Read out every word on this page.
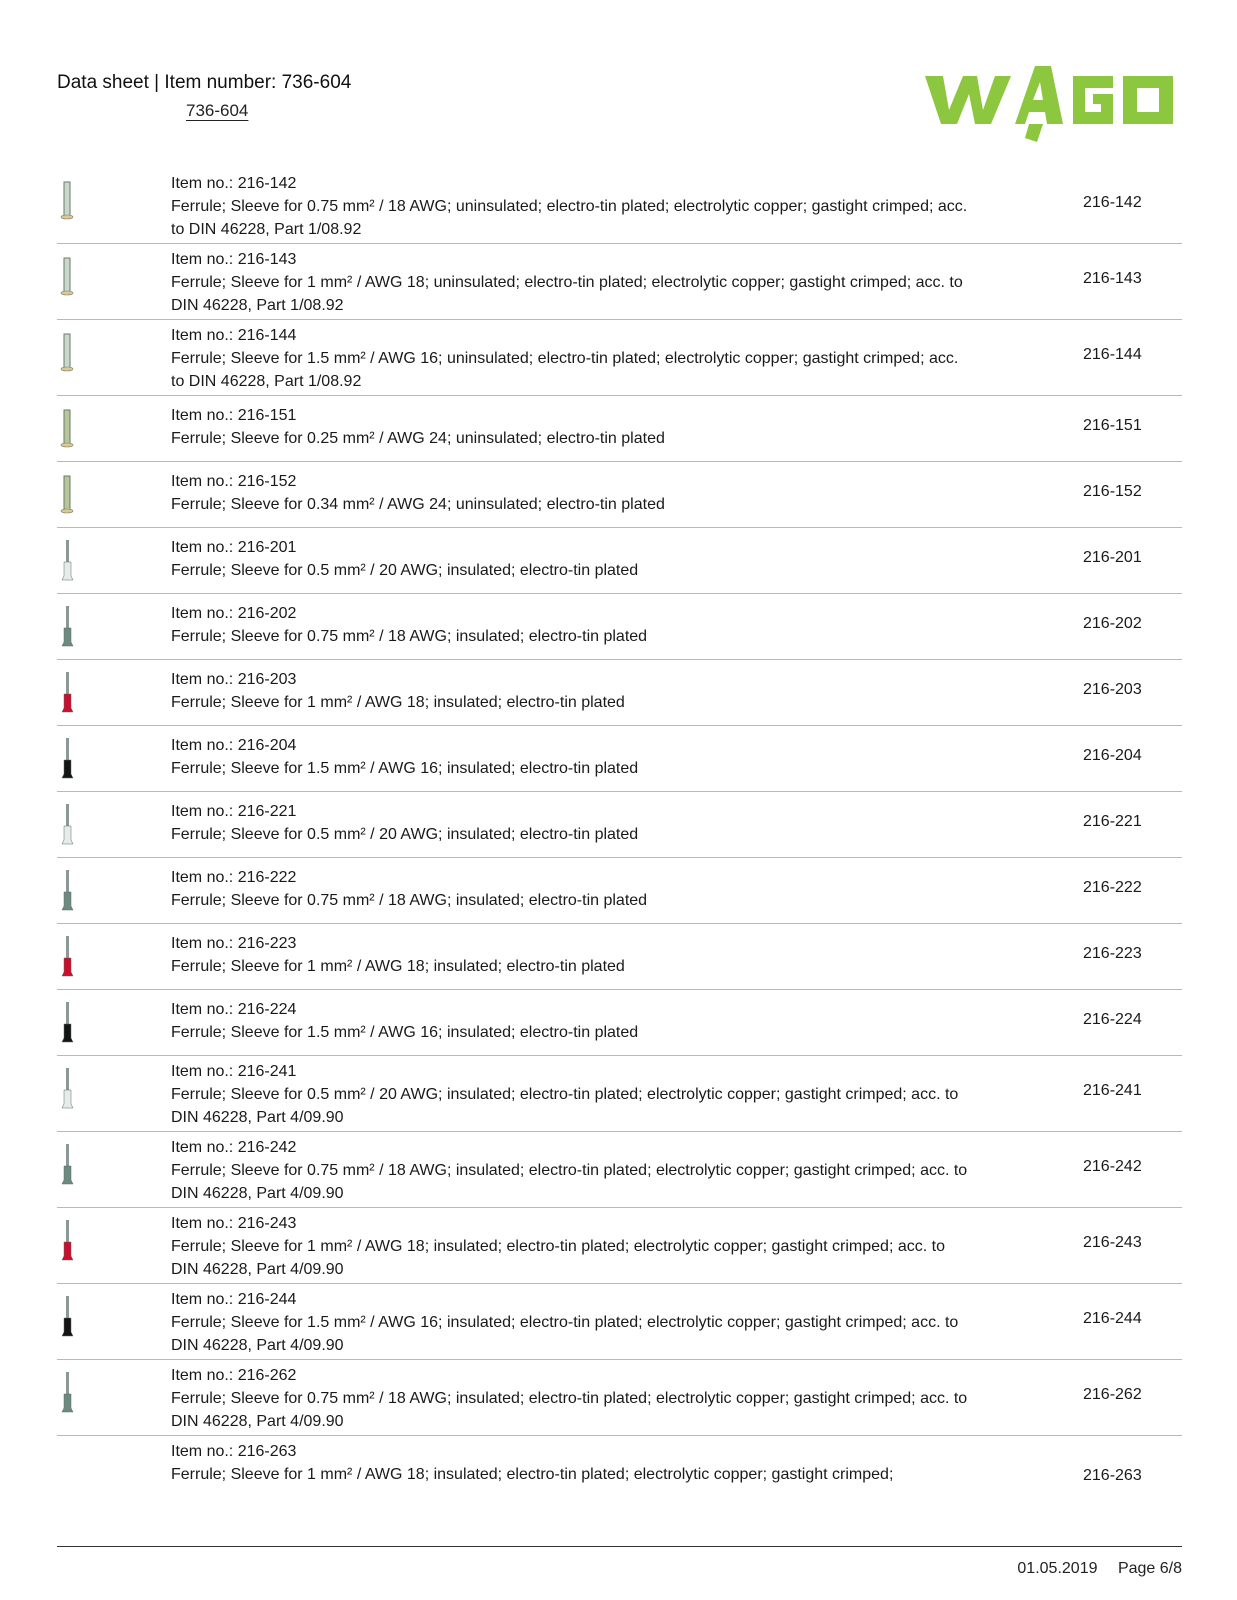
Data sheet | Item number: 736-604
736-604
Item no.: 216-142
Ferrule; Sleeve for 0.75 mm² / 18 AWG; uninsulated; electro-tin plated; electrolytic copper; gastight crimped; acc. to DIN 46228, Part 1/08.92
216-142
Item no.: 216-143
Ferrule; Sleeve for 1 mm² / AWG 18; uninsulated; electro-tin plated; electrolytic copper; gastight crimped; acc. to DIN 46228, Part 1/08.92
216-143
Item no.: 216-144
Ferrule; Sleeve for 1.5 mm² / AWG 16; uninsulated; electro-tin plated; electrolytic copper; gastight crimped; acc. to DIN 46228, Part 1/08.92
216-144
Item no.: 216-151
Ferrule; Sleeve for 0.25 mm² / AWG 24; uninsulated; electro-tin plated
216-151
Item no.: 216-152
Ferrule; Sleeve for 0.34 mm² / AWG 24; uninsulated; electro-tin plated
216-152
Item no.: 216-201
Ferrule; Sleeve for 0.5 mm² / 20 AWG; insulated; electro-tin plated
216-201
Item no.: 216-202
Ferrule; Sleeve for 0.75 mm² / 18 AWG; insulated; electro-tin plated
216-202
Item no.: 216-203
Ferrule; Sleeve for 1 mm² / AWG 18; insulated; electro-tin plated
216-203
Item no.: 216-204
Ferrule; Sleeve for 1.5 mm² / AWG 16; insulated; electro-tin plated
216-204
Item no.: 216-221
Ferrule; Sleeve for 0.5 mm² / 20 AWG; insulated; electro-tin plated
216-221
Item no.: 216-222
Ferrule; Sleeve for 0.75 mm² / 18 AWG; insulated; electro-tin plated
216-222
Item no.: 216-223
Ferrule; Sleeve for 1 mm² / AWG 18; insulated; electro-tin plated
216-223
Item no.: 216-224
Ferrule; Sleeve for 1.5 mm² / AWG 16; insulated; electro-tin plated
216-224
Item no.: 216-241
Ferrule; Sleeve for 0.5 mm² / 20 AWG; insulated; electro-tin plated; electrolytic copper; gastight crimped; acc. to DIN 46228, Part 4/09.90
216-241
Item no.: 216-242
Ferrule; Sleeve for 0.75 mm² / 18 AWG; insulated; electro-tin plated; electrolytic copper; gastight crimped; acc. to DIN 46228, Part 4/09.90
216-242
Item no.: 216-243
Ferrule; Sleeve for 1 mm² / AWG 18; insulated; electro-tin plated; electrolytic copper; gastight crimped; acc. to DIN 46228, Part 4/09.90
216-243
Item no.: 216-244
Ferrule; Sleeve for 1.5 mm² / AWG 16; insulated; electro-tin plated; electrolytic copper; gastight crimped; acc. to DIN 46228, Part 4/09.90
216-244
Item no.: 216-262
Ferrule; Sleeve for 0.75 mm² / 18 AWG; insulated; electro-tin plated; electrolytic copper; gastight crimped; acc. to DIN 46228, Part 4/09.90
216-262
Item no.: 216-263
Ferrule; Sleeve for 1 mm² / AWG 18; insulated; electro-tin plated; electrolytic copper; gastight crimped;	216-263
01.05.2019 Page 6/8
